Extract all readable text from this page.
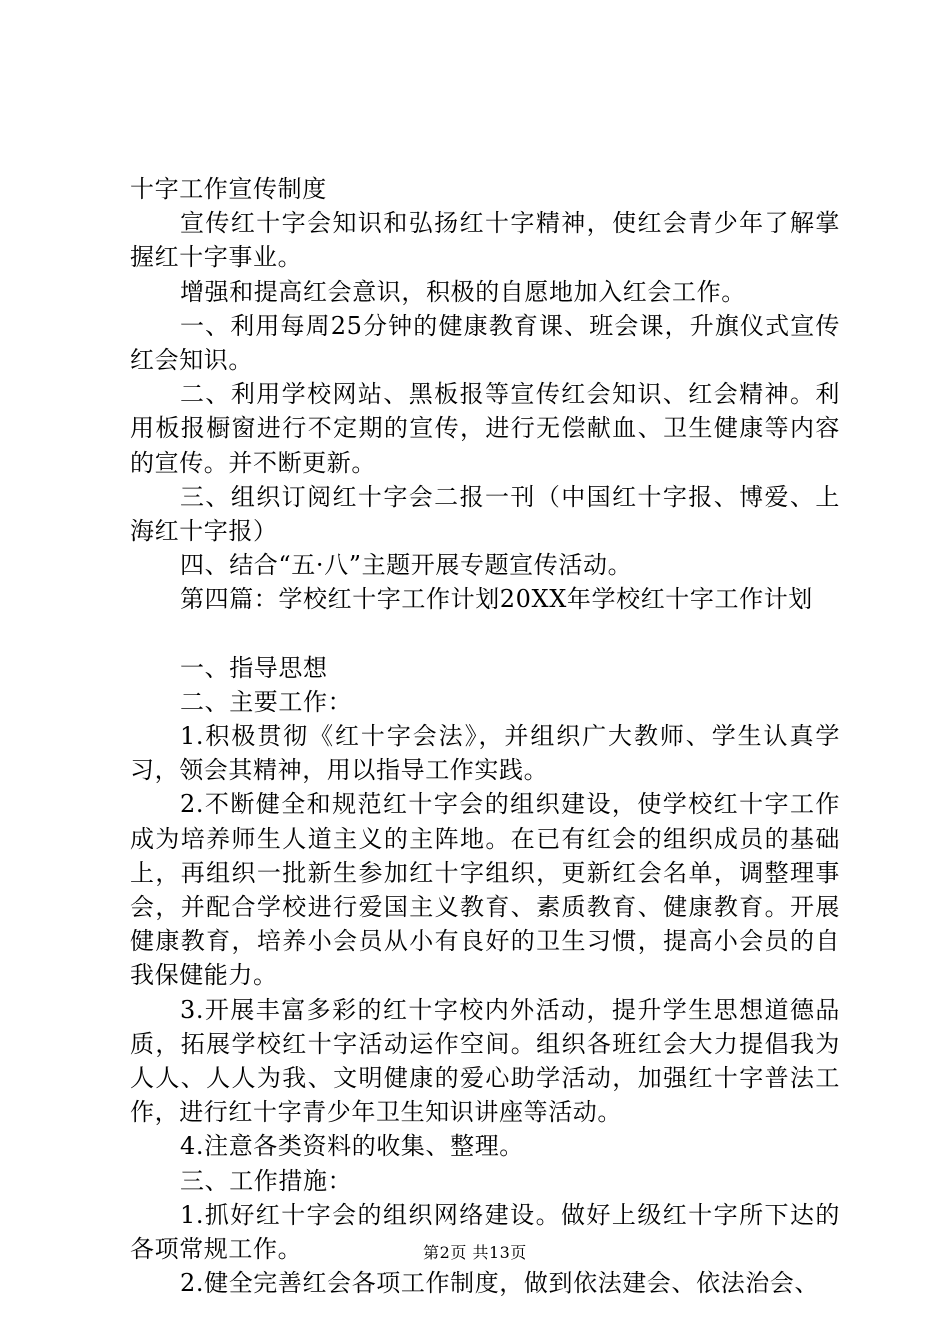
十字工作宣传制度

宣传红十字会知识和弘扬红十字精神，使红会青少年了解掌握红十字事业。

增强和提高红会意识，积极的自愿地加入红会工作。

一、利用每周25分钟的健康教育课、班会课，升旗仪式宣传红会知识。

二、利用学校网站、黑板报等宣传红会知识、红会精神。利用板报橱窗进行不定期的宣传，进行无偿献血、卫生健康等内容的宣传。并不断更新。

三、组织订阅红十字会二报一刊（中国红十字报、博爱、上海红十字报）

四、结合“五·八”主题开展专题宣传活动。

第四篇：学校红十字工作计划20XX年学校红十字工作计划

一、指导思想

二、主要工作：

1.积极贯彻《红十字会法》，并组织广大教师、学生认真学习，领会其精神，用以指导工作实践。

2.不断健全和规范红十字会的组织建设，使学校红十字工作成为培养师生人道主义的主阵地。在已有红会的组织成员的基础上，再组织一批新生参加红十字组织，更新红会名单，调整理事会，并配合学校进行爱国主义教育、素质教育、健康教育。开展健康教育，培养小会员从小有良好的卫生习惯，提高小会员的自我保健能力。

3.开展丰富多彩的红十字校内外活动，提升学生思想道德品质，拓展学校红十字活动运作空间。组织各班红会大力提倡我为人人、人人为我、文明健康的爱心助学活动，加强红十字普法工作，进行红十字青少年卫生知识讲座等活动。

4.注意各类资料的收集、整理。

三、工作措施：

1.抓好红十字会的组织网络建设。做好上级红十字所下达的各项常规工作。

2.健全完善红会各项工作制度，做到依法建会、依法治会、

第2页 共13页
